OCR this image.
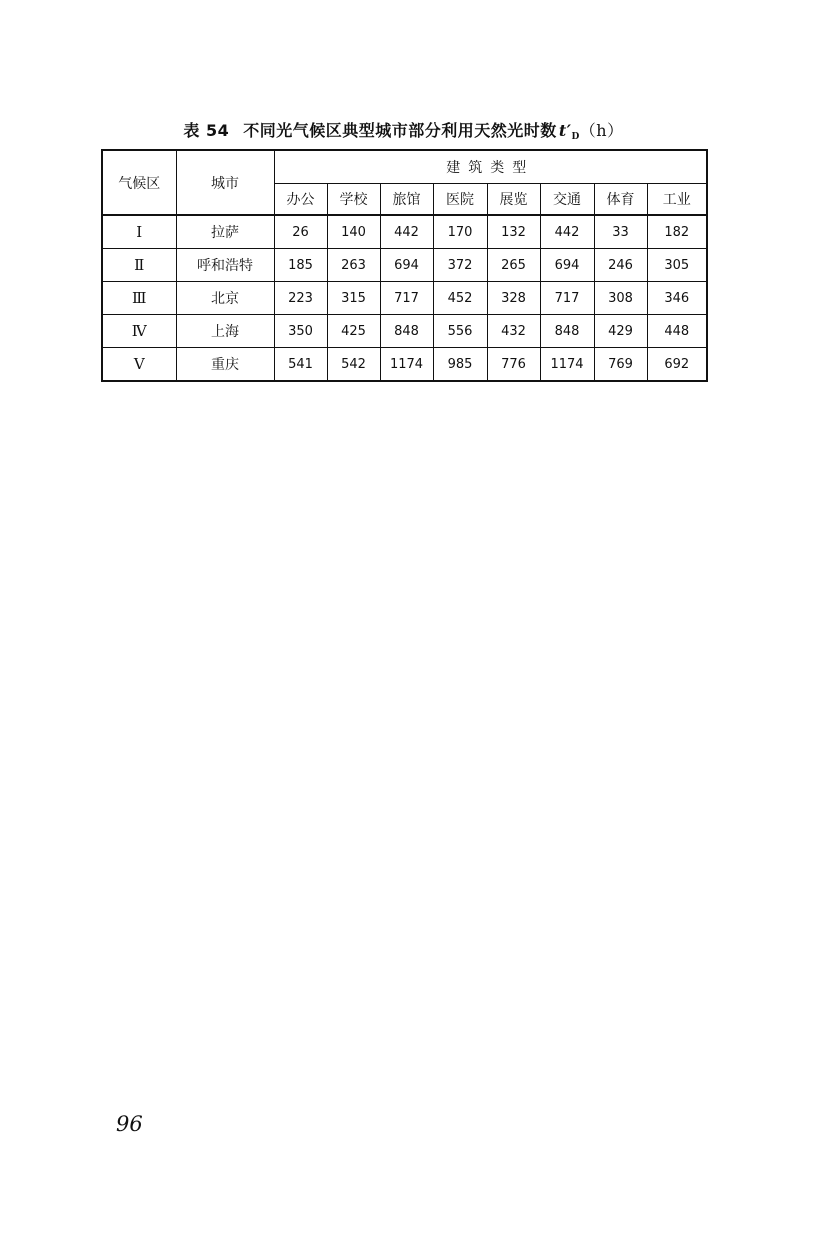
表 54 不同光气候区典型城市部分利用天然光时数  $t'_D(h)$
气候区	城市	建筑类型							
		办公	学校	旅馆	医院	展览	交通	体育	工业
Ⅰ	拉萨	26	140	442	170	132	442	33	182
Ⅱ	呼和浩特	185	263	694	372	265	694	246	305
Ⅲ	北京	223	315	717	452	328	717	308	346
Ⅳ	上海	350	425	848	556	432	848	429	448
Ⅴ	重庆	541	542	1174	985	776	1174	769	692
96
